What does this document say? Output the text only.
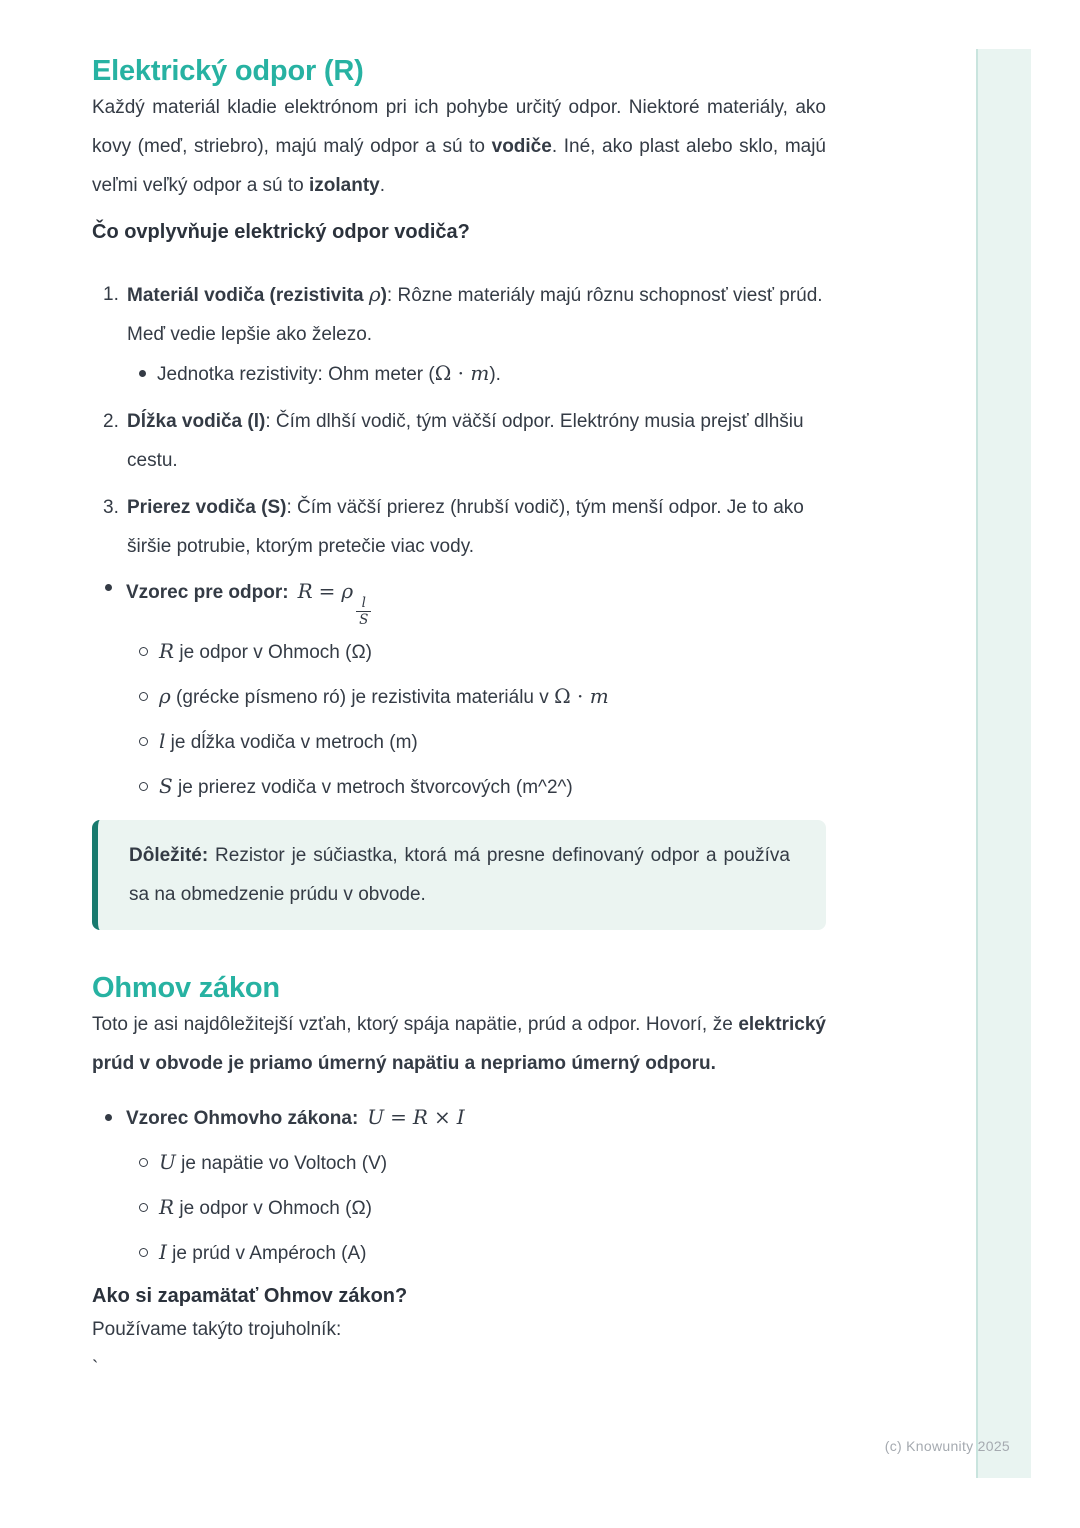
Elektrický odpor (R)

Každý materiál kladie elektrónom pri ich pohybe určitý odpor. Niektoré materiály, ako kovy (meď, striebro), majú malý odpor a sú to vodiče. Iné, ako plast alebo sklo, majú veľmi veľký odpor a sú to izolanty.

Čo ovplyvňuje elektrický odpor vodiča?
1. Materiál vodiča (rezistivita ρ): Rôzne materiály majú rôznu schopnosť viesť prúd. Meď vedie lepšie ako železo.
Jednotka rezistivity: Ohm meter (Ω · m).
2. Dĺžka vodiča (l): Čím dlhší vodič, tým väčší odpor. Elektróny musia prejsť dlhšiu cestu.
3. Prierez vodiča (S): Čím väčší prierez (hrubší vodič), tým menší odpor. Je to ako širšie potrubie, ktorým pretečie viac vody.
Vzorec pre odpor: R = ρ
$\frac{l}{S}$
R je odpor v Ohmoch (Ω)
ρ (grécke písmeno ró) je rezistivita materiálu v Ω · m
l je dĺžka vodiča v metroch (m)
S je prierez vodiča v metroch štvorcových (m^2^)

Dôležité: Rezistor je súčiastka, ktorá má presne definovaný odpor a používa sa na obmedzenie prúdu v obvode.

Ohmov zákon

Toto je asi najdôležitejší vzťah, ktorý spája napätie, prúd a odpor. Hovorí, že elektrický prúd v obvode je priamo úmerný napätiu a nepriamo úmerný odporu.

Vzorec Ohmovho zákona: U = R × I
U je napätie vo Voltoch (V)
R je odpor v Ohmoch (Ω)
I je prúd v Ampéroch (A)
Ako si zapamätať Ohmov zákon?

Používame takýto trojuholník:

`

(c) Knowunity 2025
